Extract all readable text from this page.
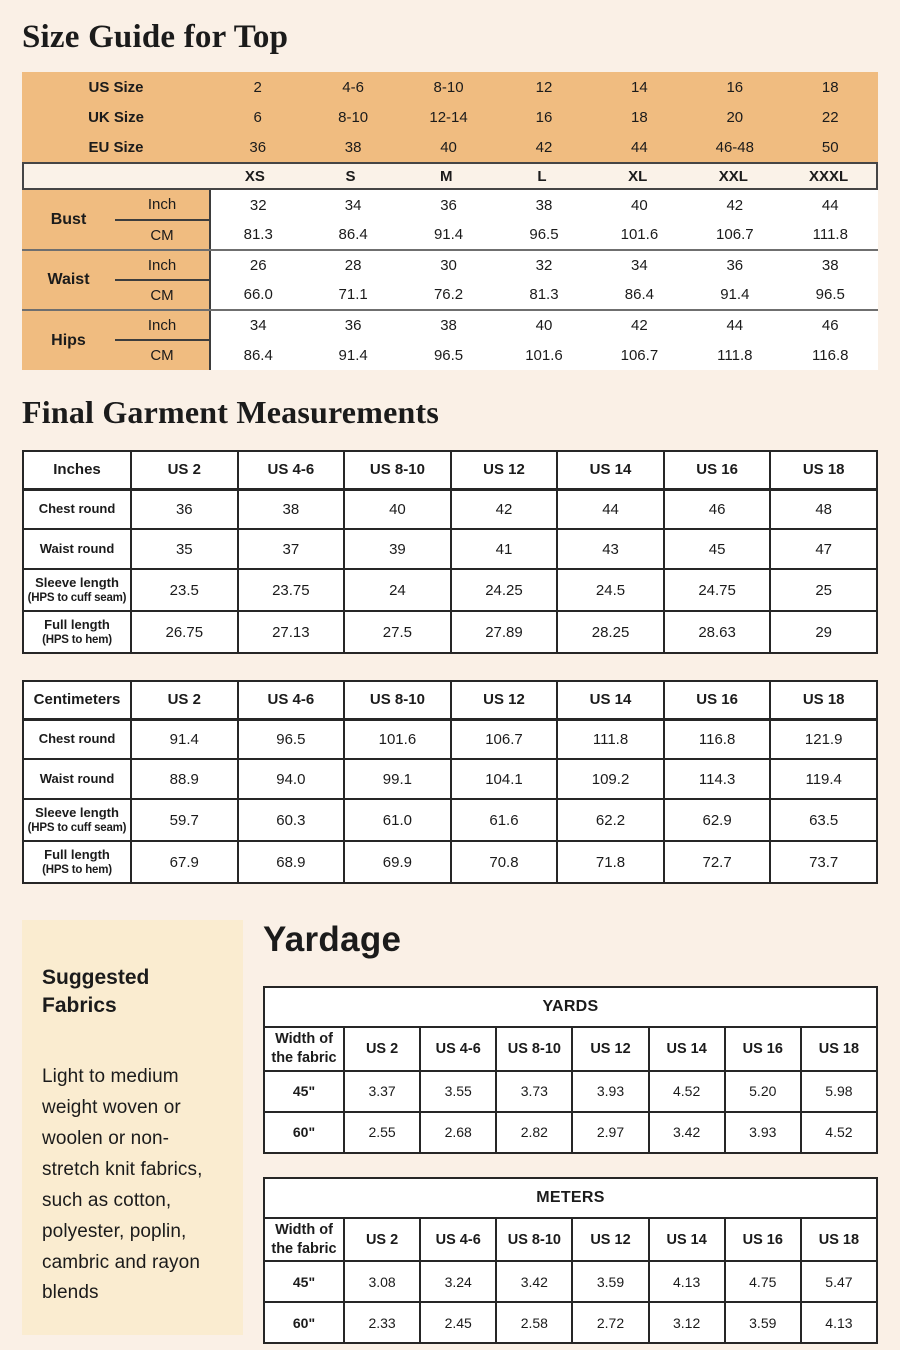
Size Guide for Top
US Size	2	4-6	8-10	12	14	16	18
UK Size	6	8-10	12-14	16	18	20	22
EU Size	36	38	40	42	44	46-48	50
	XS	S	M	L	XL	XXL	XXXL
Bust	Inch	32	34	36	38	40	42	44
	CM	81.3	86.4	91.4	96.5	101.6	106.7	111.8
Waist	Inch	26	28	30	32	34	36	38
	CM	66.0	71.1	76.2	81.3	86.4	91.4	96.5
Hips	Inch	34	36	38	40	42	44	46
	CM	86.4	91.4	96.5	101.6	106.7	111.8	116.8
Final Garment Measurements
Inches	US 2	US 4-6	US 8-10	US 12	US 14	US 16	US 18
Chest round	36	38	40	42	44	46	48
Waist round	35	37	39	41	43	45	47
Sleeve length
(HPS to cuff seam)	23.5	23.75	24	24.25	24.5	24.75	25
Full length
(HPS to hem)	26.75	27.13	27.5	27.89	28.25	28.63	29
Centimeters	US 2	US 4-6	US 8-10	US 12	US 14	US 16	US 18
Chest round	91.4	96.5	101.6	106.7	111.8	116.8	121.9
Waist round	88.9	94.0	99.1	104.1	109.2	114.3	119.4
Sleeve length
(HPS to cuff seam)	59.7	60.3	61.0	61.6	62.2	62.9	63.5
Full length
(HPS to hem)	67.9	68.9	69.9	70.8	71.8	72.7	73.7
Suggested Fabrics
Light to medium weight woven or woolen or non-stretch knit fabrics, such as cotton, polyester, poplin, cambric and rayon blends
Yardage
YARDS							
Width of the fabric	US 2	US 4-6	US 8-10	US 12	US 14	US 16	US 18
45"	3.37	3.55	3.73	3.93	4.52	5.20	5.98
60"	2.55	2.68	2.82	2.97	3.42	3.93	4.52
METERS							
Width of the fabric	US 2	US 4-6	US 8-10	US 12	US 14	US 16	US 18
45"	3.08	3.24	3.42	3.59	4.13	4.75	5.47
60"	2.33	2.45	2.58	2.72	3.12	3.59	4.13
